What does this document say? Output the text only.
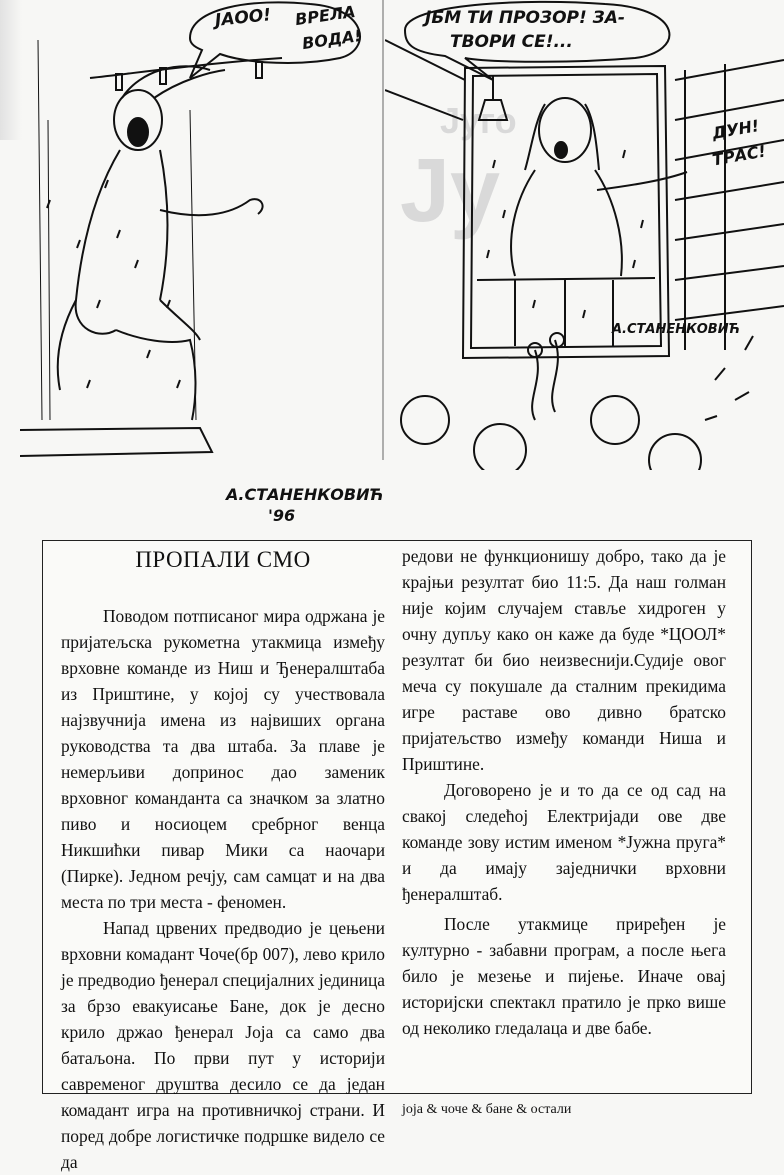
Југо
Jу
ЈАОО! ВРЕЛА
ВОДА!
А.СТАНЕНКОВИЋ
'96
ЈБМ ТИ ПРОЗОР! ЗА-
ТВОРИ СЕ!...
ДУН!
ТРАС!
А.СТАНЕНКОВИЋ
ПРОПАЛИ СМО

Поводом потписаног мира одржана је пријатељска рукометна утакмица између врховне команде из Ниш и Ђенералштаба из Приштине, у којој су учествовала најзвучнија имена из највиших органа руководства та два штаба. За плаве је немерљиви допринос дао заменик врховног команданта са значком за златно пиво и носиоцем сребрног венца Никшићки пивар Мики са наочари (Пирке). Једном речју, сам самцат и на два места по три места - феномен.

Напад црвених предводио је цењени врховни комадант Чоче(бр 007), лево крило је предводио ђенерал специјалних јединица за брзо евакуисање Бане, док је десно крило држао ђенерал Јоја са само два батаљона. По први пут у историји савременог друштва десило се да један комадант игра на противничкој страни. И поред добре логистичке подршке видело се да

редови не функционишу добро, тако да је крајњи резултат био 11:5. Да наш голман није којим случајем ставље хидроген у очну дупљу како он каже да буде *ЦООЛ* резултат би био неизвеснији.Судије овог меча су покушале да сталним прекидима игре раставе ово дивно братско пријатељство између команди Ниша и Приштине.

Договорено је и то да се од сад на свакој следећој Електријади ове две команде зову истим именом *Јужна пруга* и да имају заједнички врховни ђенералштаб.

После утакмице приређен је културно - забавни програм, а после њега било је мезење и пијење. Иначе овај историјски спектакл пратило је прко више од неколико гледалаца и две бабе.

јоја & чоче & бане & остали
